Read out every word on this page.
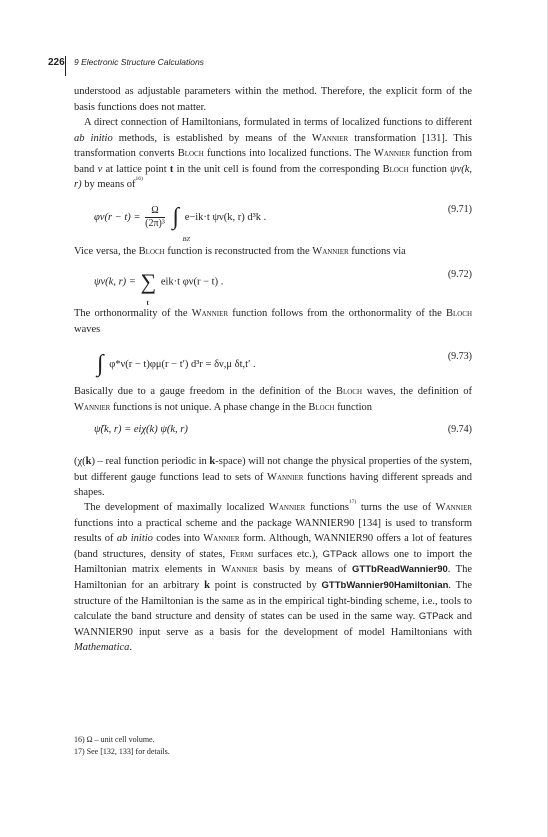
226 9 Electronic Structure Calculations

understood as adjustable parameters within the method. Therefore, the explicit form of the basis functions does not matter.

A direct connection of Hamiltonians, formulated in terms of localized functions to different ab initio methods, is established by means of the Wannier transformation [131]. This transformation converts Bloch functions into localized functions. The Wannier function from band ν at lattice point t in the unit cell is found from the corresponding Bloch function ψν(k, r) by means of$^{16)}$

$\varphi\nu(r - t) = \frac{\Omega}{\text{(2π)³}}$ ∫
BZ
e−ik·t ψν(k, r) d³k .
(9.71)

Vice versa, the Bloch function is reconstructed from the Wannier functions via

ψν(k, r) = ∑
t
eik·t φν(r − t) .
(9.72)

The orthonormality of the Wannier function follows from the orthonormality of the Bloch waves

∫ φ*ν(r − t)φμ(r − t′) d³r = δν,μ δt,t′ .
(9.73)

Basically due to a gauge freedom in the definition of the Bloch waves, the definition of Wannier functions is not unique. A phase change in the Bloch function

ψ̃(k, r) = eiχ(k) ψ(k, r)	(9.74)

(χ(k) – real function periodic in k-space) will not change the physical properties of the system, but different gauge functions lead to sets of Wannier functions having different spreads and shapes.

The development of maximally localized Wannier functions$^{17)}$ turns the use of Wannier functions into a practical scheme and the package WANNIER90 [134] is used to transform results of ab initio codes into Wannier form. Although, WANNIER90 offers a lot of features (band structures, density of states, Fermi surfaces etc.), GTPack allows one to import the Hamiltonian matrix elements in Wannier basis by means of GTTbReadWannier90. The Hamiltonian for an arbitrary k point is constructed by GTTbWannier90Hamiltonian. The structure of the Hamiltonian is the same as in the empirical tight-binding scheme, i.e., tools to calculate the band structure and density of states can be used in the same way. GTPack and WANNIER90 input serve as a basis for the development of model Hamiltonians with Mathematica.

16) Ω – unit cell volume.
17) See [132, 133] for details.
